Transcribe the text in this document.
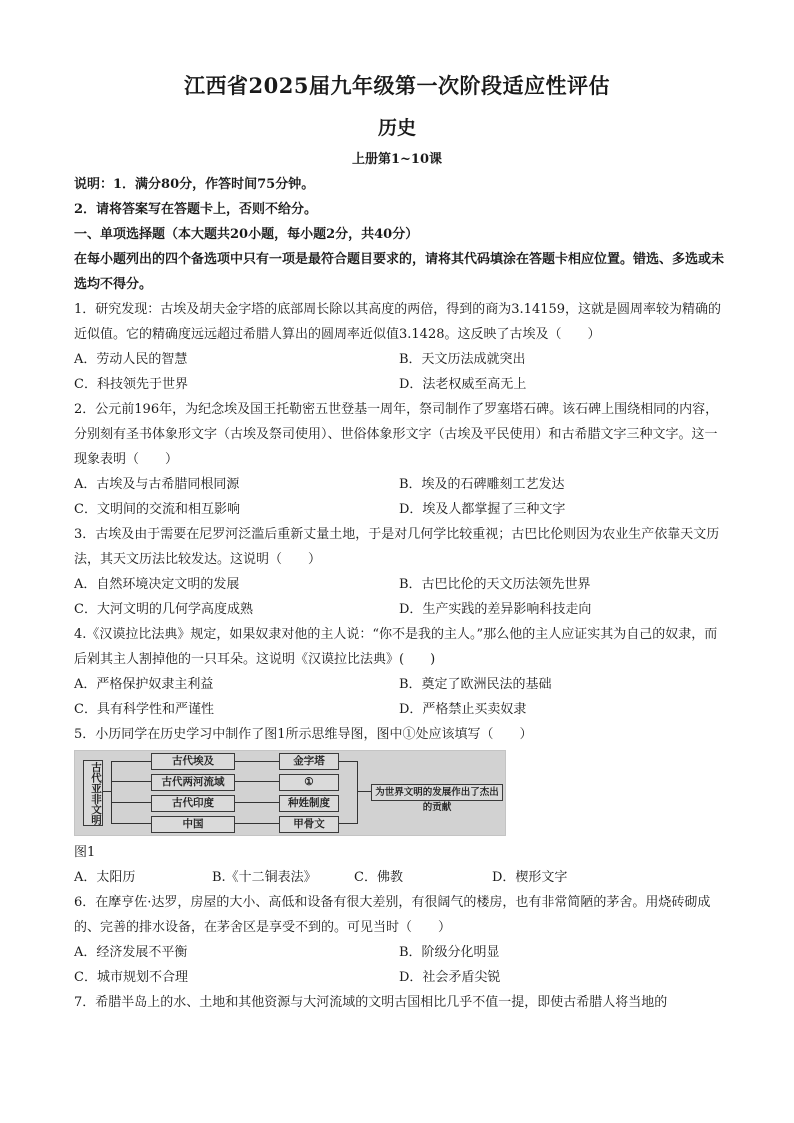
江西省2025届九年级第一次阶段适应性评估
历史
上册第1~10课

说明：1．满分80分，作答时间75分钟。

2．请将答案写在答题卡上，否则不给分。

一、单项选择题（本大题共20小题，每小题2分，共40分）

在每小题列出的四个备选项中只有一项是最符合题目要求的，请将其代码填涂在答题卡相应位置。错选、多选或未选均不得分。

1．研究发现：古埃及胡夫金字塔的底部周长除以其高度的两倍，得到的商为3.14159，这就是圆周率较为精确的近似值。它的精确度远远超过希腊人算出的圆周率近似值3.1428。这反映了古埃及（　　）

A．劳动人民的智慧	B．天文历法成就突出
C．科技领先于世界	D．法老权威至高无上

2．公元前196年，为纪念埃及国王托勒密五世登基一周年，祭司制作了罗塞塔石碑。该石碑上围绕相同的内容，分别刻有圣书体象形文字（古埃及祭司使用）、世俗体象形文字（古埃及平民使用）和古希腊文字三种文字。这一现象表明（　　）

A．古埃及与古希腊同根同源	B．埃及的石碑雕刻工艺发达
C．文明间的交流和相互影响	D．埃及人都掌握了三种文字

3．古埃及由于需要在尼罗河泛滥后重新丈量土地，于是对几何学比较重视；古巴比伦则因为农业生产依靠天文历法，其天文历法比较发达。这说明（　　）

A．自然环境决定文明的发展	B．古巴比伦的天文历法领先世界
C．大河文明的几何学高度成熟	D．生产实践的差异影响科技走向

4.《汉谟拉比法典》规定，如果奴隶对他的主人说：“你不是我的主人。”那么他的主人应证实其为自己的奴隶，而后剁其主人割掉他的一只耳朵。这说明《汉谟拉比法典》(　　)

A．严格保护奴隶主利益	B．奠定了欧洲民法的基础
C．具有科学性和严谨性	D．严格禁止买卖奴隶

5．小历同学在历史学习中制作了图1所示思维导图，图中①处应该填写（　　）

古代亚非文明
古代埃及
古代两河流域
古代印度
中国
金字塔
①
种姓制度
甲骨文
为世界文明的发展作出了杰出的贡献

图1

A．太阳历	B.《十二铜表法》	C．佛教	D．楔形文字

6．在摩亨佐·达罗，房屋的大小、高低和设备有很大差别，有很阔气的楼房，也有非常简陋的茅舍。用烧砖砌成的、完善的排水设备，在茅舍区是享受不到的。可见当时（　　）

A．经济发展不平衡	B．阶级分化明显
C．城市规划不合理	D．社会矛盾尖锐

7．希腊半岛上的水、土地和其他资源与大河流域的文明古国相比几乎不值一提，即使古希腊人将当地的
